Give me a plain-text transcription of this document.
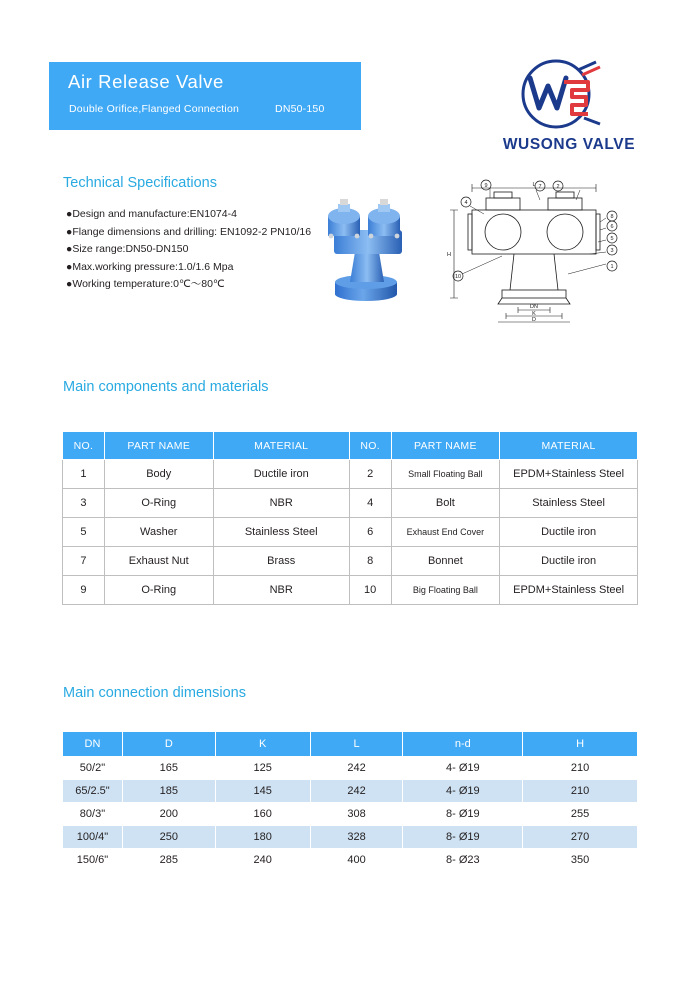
Air Release Valve
Double Orifice,Flanged Connection	DN50-150
WUSONG VALVE
Technical Specifications
●Design and manufacture:EN1074-4
●Flange dimensions and drilling: EN1092-2 PN10/16
●Size range:DN50-DN150
●Max.working pressure:1.0/1.6 Mpa
●Working temperature:0℃～80℃
9	7	2
8
6
5
3
1
4
10
L
H
DN
K
D
Main components and materials
NO.	PART NAME	MATERIAL	NO.	PART NAME	MATERIAL
1	Body	Ductile iron	2	Small Floating Ball	EPDM+Stainless Steel
3	O-Ring	NBR	4	Bolt	Stainless Steel
5	Washer	Stainless Steel	6	Exhaust End Cover	Ductile iron
7	Exhaust Nut	Brass	8	Bonnet	Ductile iron
9	O-Ring	NBR	10	Big Floating Ball	EPDM+Stainless Steel
Main connection dimensions
DN	D	K	L	n-d	H
50/2"	165	125	242	4- Ø19	210
65/2.5"	185	145	242	4- Ø19	210
80/3"	200	160	308	8- Ø19	255
100/4"	250	180	328	8- Ø19	270
150/6"	285	240	400	8- Ø23	350
